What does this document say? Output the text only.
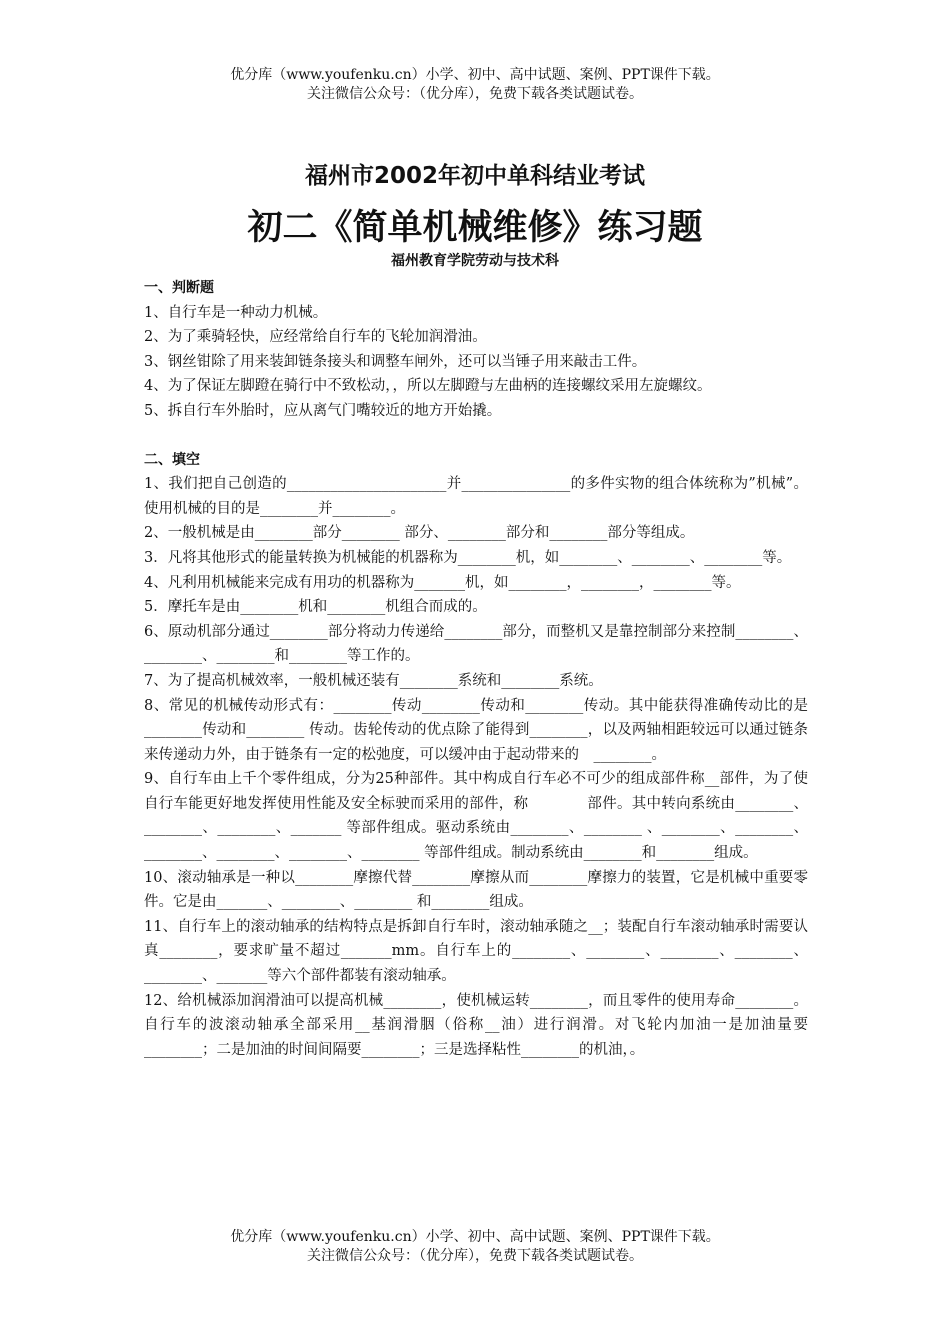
优分库（www.youfenku.cn）小学、初中、高中试题、案例、PPT课件下载。
关注微信公众号：（优分库），免费下载各类试题试卷。
福州市2002年初中单科结业考试
初二《简单机械维修》练习题
福州教育学院劳动与技术科

一、判断题

1、自行车是一种动力机械。

2、为了乘骑轻快，应经常给自行车的飞轮加润滑油。

3、钢丝钳除了用来装卸链条接头和调整车闸外，还可以当锤子用来敲击工件。

4、为了保证左脚蹬在骑行中不致松动，，所以左脚蹬与左曲柄的连接螺纹采用左旋螺纹。

5、拆自行车外胎时，应从离气门嘴较近的地方开始撬。

二、填空

1、我们把自己创造的______________________并_______________的多件实物的组合体统称为”机械”。使用机械的目的是________并________。

2、一般机械是由________部分________ 部分、________部分和________部分等组成。

3．凡将其他形式的能量转换为机械能的机器称为________机，如________、________、________等。

4、凡利用机械能来完成有用功的机器称为_______机，如________，________，________等。

5．摩托车是由________机和________机组合而成的。

6、原动机部分通过________部分将动力传递给________部分，而整机又是靠控制部分来控制________、________、________和________等工作的。

7、为了提高机械效率，一般机械还装有________系统和________系统。

8、常见的机械传动形式有：________传动________传动和________传动。其中能获得准确传动比的是________传动和________ 传动。齿轮传动的优点除了能得到________，以及两轴相距较远可以通过链条来传递动力外，由于链条有一定的松弛度，可以缓冲由于起动带来的　________。

9、自行车由上千个零件组成，分为25种部件。其中构成自行车必不可少的组成部件称__部件，为了使自行车能更好地发挥使用性能及安全标驶而采用的部件，称　　　　部件。其中转向系统由________、________、________、_______ 等部件组成。驱动系统由________、________ 、________、________、________、________、________、________ 等部件组成。制动系统由________和________组成。

10、滚动轴承是一种以________摩擦代替________摩擦从而________摩擦力的装置，它是机械中重要零件。它是由_______、________、________ 和________组成。

11、自行车上的滚动轴承的结构特点是拆卸自行车时，滚动轴承随之__；装配自行车滚动轴承时需要认真________，要求旷量不超过_______mm。自行车上的________、________、________、________、________、_______等六个部件都装有滚动轴承。

12、给机械添加润滑油可以提高机械________，使机械运转________，而且零件的使用寿命________。自行车的波滚动轴承全部采用__基润滑胭（俗称__油）进行润滑。对飞轮内加油一是加油量要________；二是加油的时间间隔要________；三是选择粘性________的机油，。

优分库（www.youfenku.cn）小学、初中、高中试题、案例、PPT课件下载。
关注微信公众号：（优分库），免费下载各类试题试卷。
